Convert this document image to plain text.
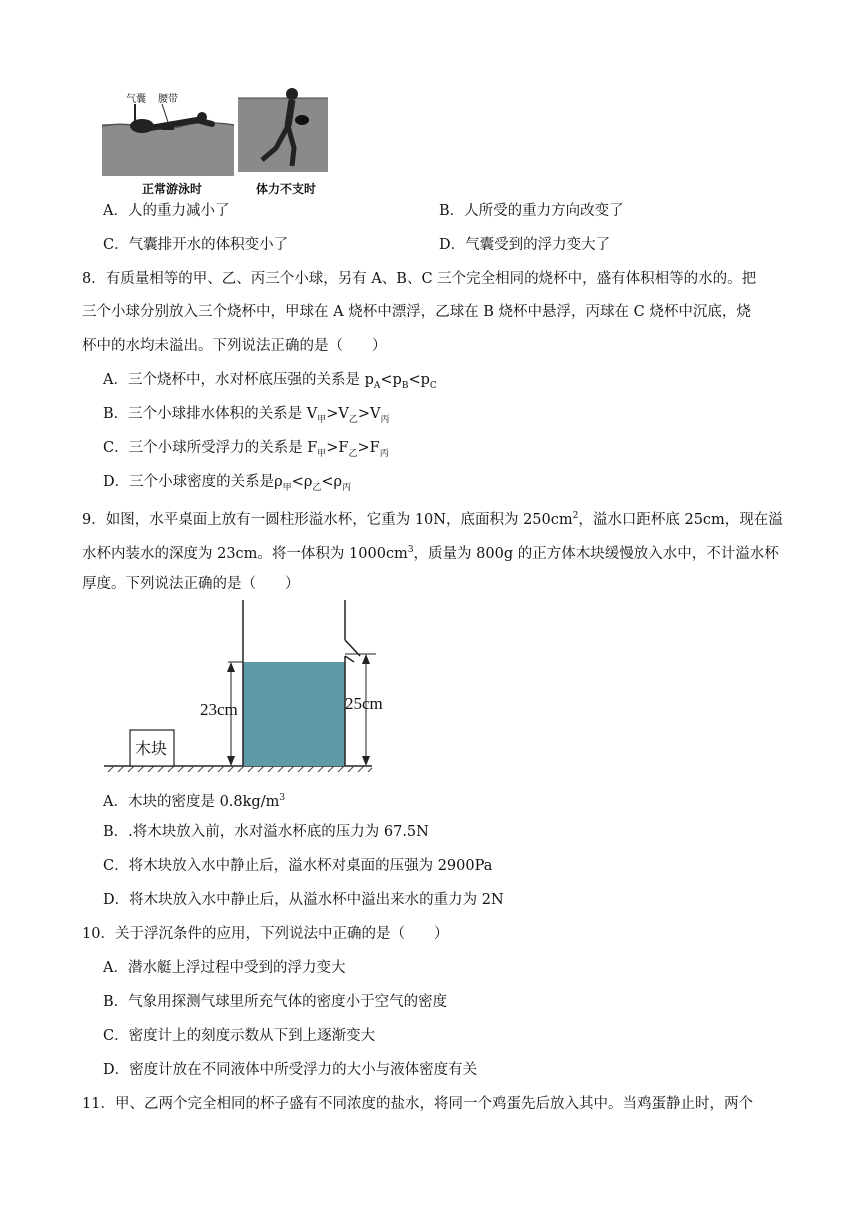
气囊 腰带
正常游泳时	体力不支时
A．人的重力减小了	B．人所受的重力方向改变了
C．气囊排开水的体积变小了	D．气囊受到的浮力变大了
8．有质量相等的甲、乙、丙三个小球，另有 A、B、C 三个完全相同的烧杯中，盛有体积相等的水的。把
三个小球分别放入三个烧杯中，甲球在 A 烧杯中漂浮，乙球在 B 烧杯中悬浮，丙球在 C 烧杯中沉底，烧
杯中的水均未溢出。下列说法正确的是（　　）
A．三个烧杯中，水对杯底压强的关系是 $p_A<p_B<p_C$
B．三个小球排水体积的关系是 $V_甲>V_乙>V_丙$
C．三个小球所受浮力的关系是 $F_甲>F_乙>F_丙$
D．三个小球密度的关系是$\rho_甲<\rho_乙<\rho_丙$
9．如图，水平桌面上放有一圆柱形溢水杯，它重为 10N，底面积为 $250cm^2$，溢水口距杯底 25cm，现在溢
水杯内装水的深度为 23cm。将一体积为 $1000cm^3$，质量为 800g 的正方体木块缓慢放入水中，不计溢水杯
厚度。下列说法正确的是（　　）
木块
23cm	25cm
A．木块的密度是 $0.8kg/m^3$
B．.将木块放入前，水对溢水杯底的压力为 67.5N
C．将木块放入水中静止后，溢水杯对桌面的压强为 2900Pa
D．将木块放入水中静止后，从溢水杯中溢出来水的重力为 2N
10．关于浮沉条件的应用，下列说法中正确的是（　　）
A．潜水艇上浮过程中受到的浮力变大
B．气象用探测气球里所充气体的密度小于空气的密度
C．密度计上的刻度示数从下到上逐渐变大
D．密度计放在不同液体中所受浮力的大小与液体密度有关
11．甲、乙两个完全相同的杯子盛有不同浓度的盐水，将同一个鸡蛋先后放入其中。当鸡蛋静止时，两个
